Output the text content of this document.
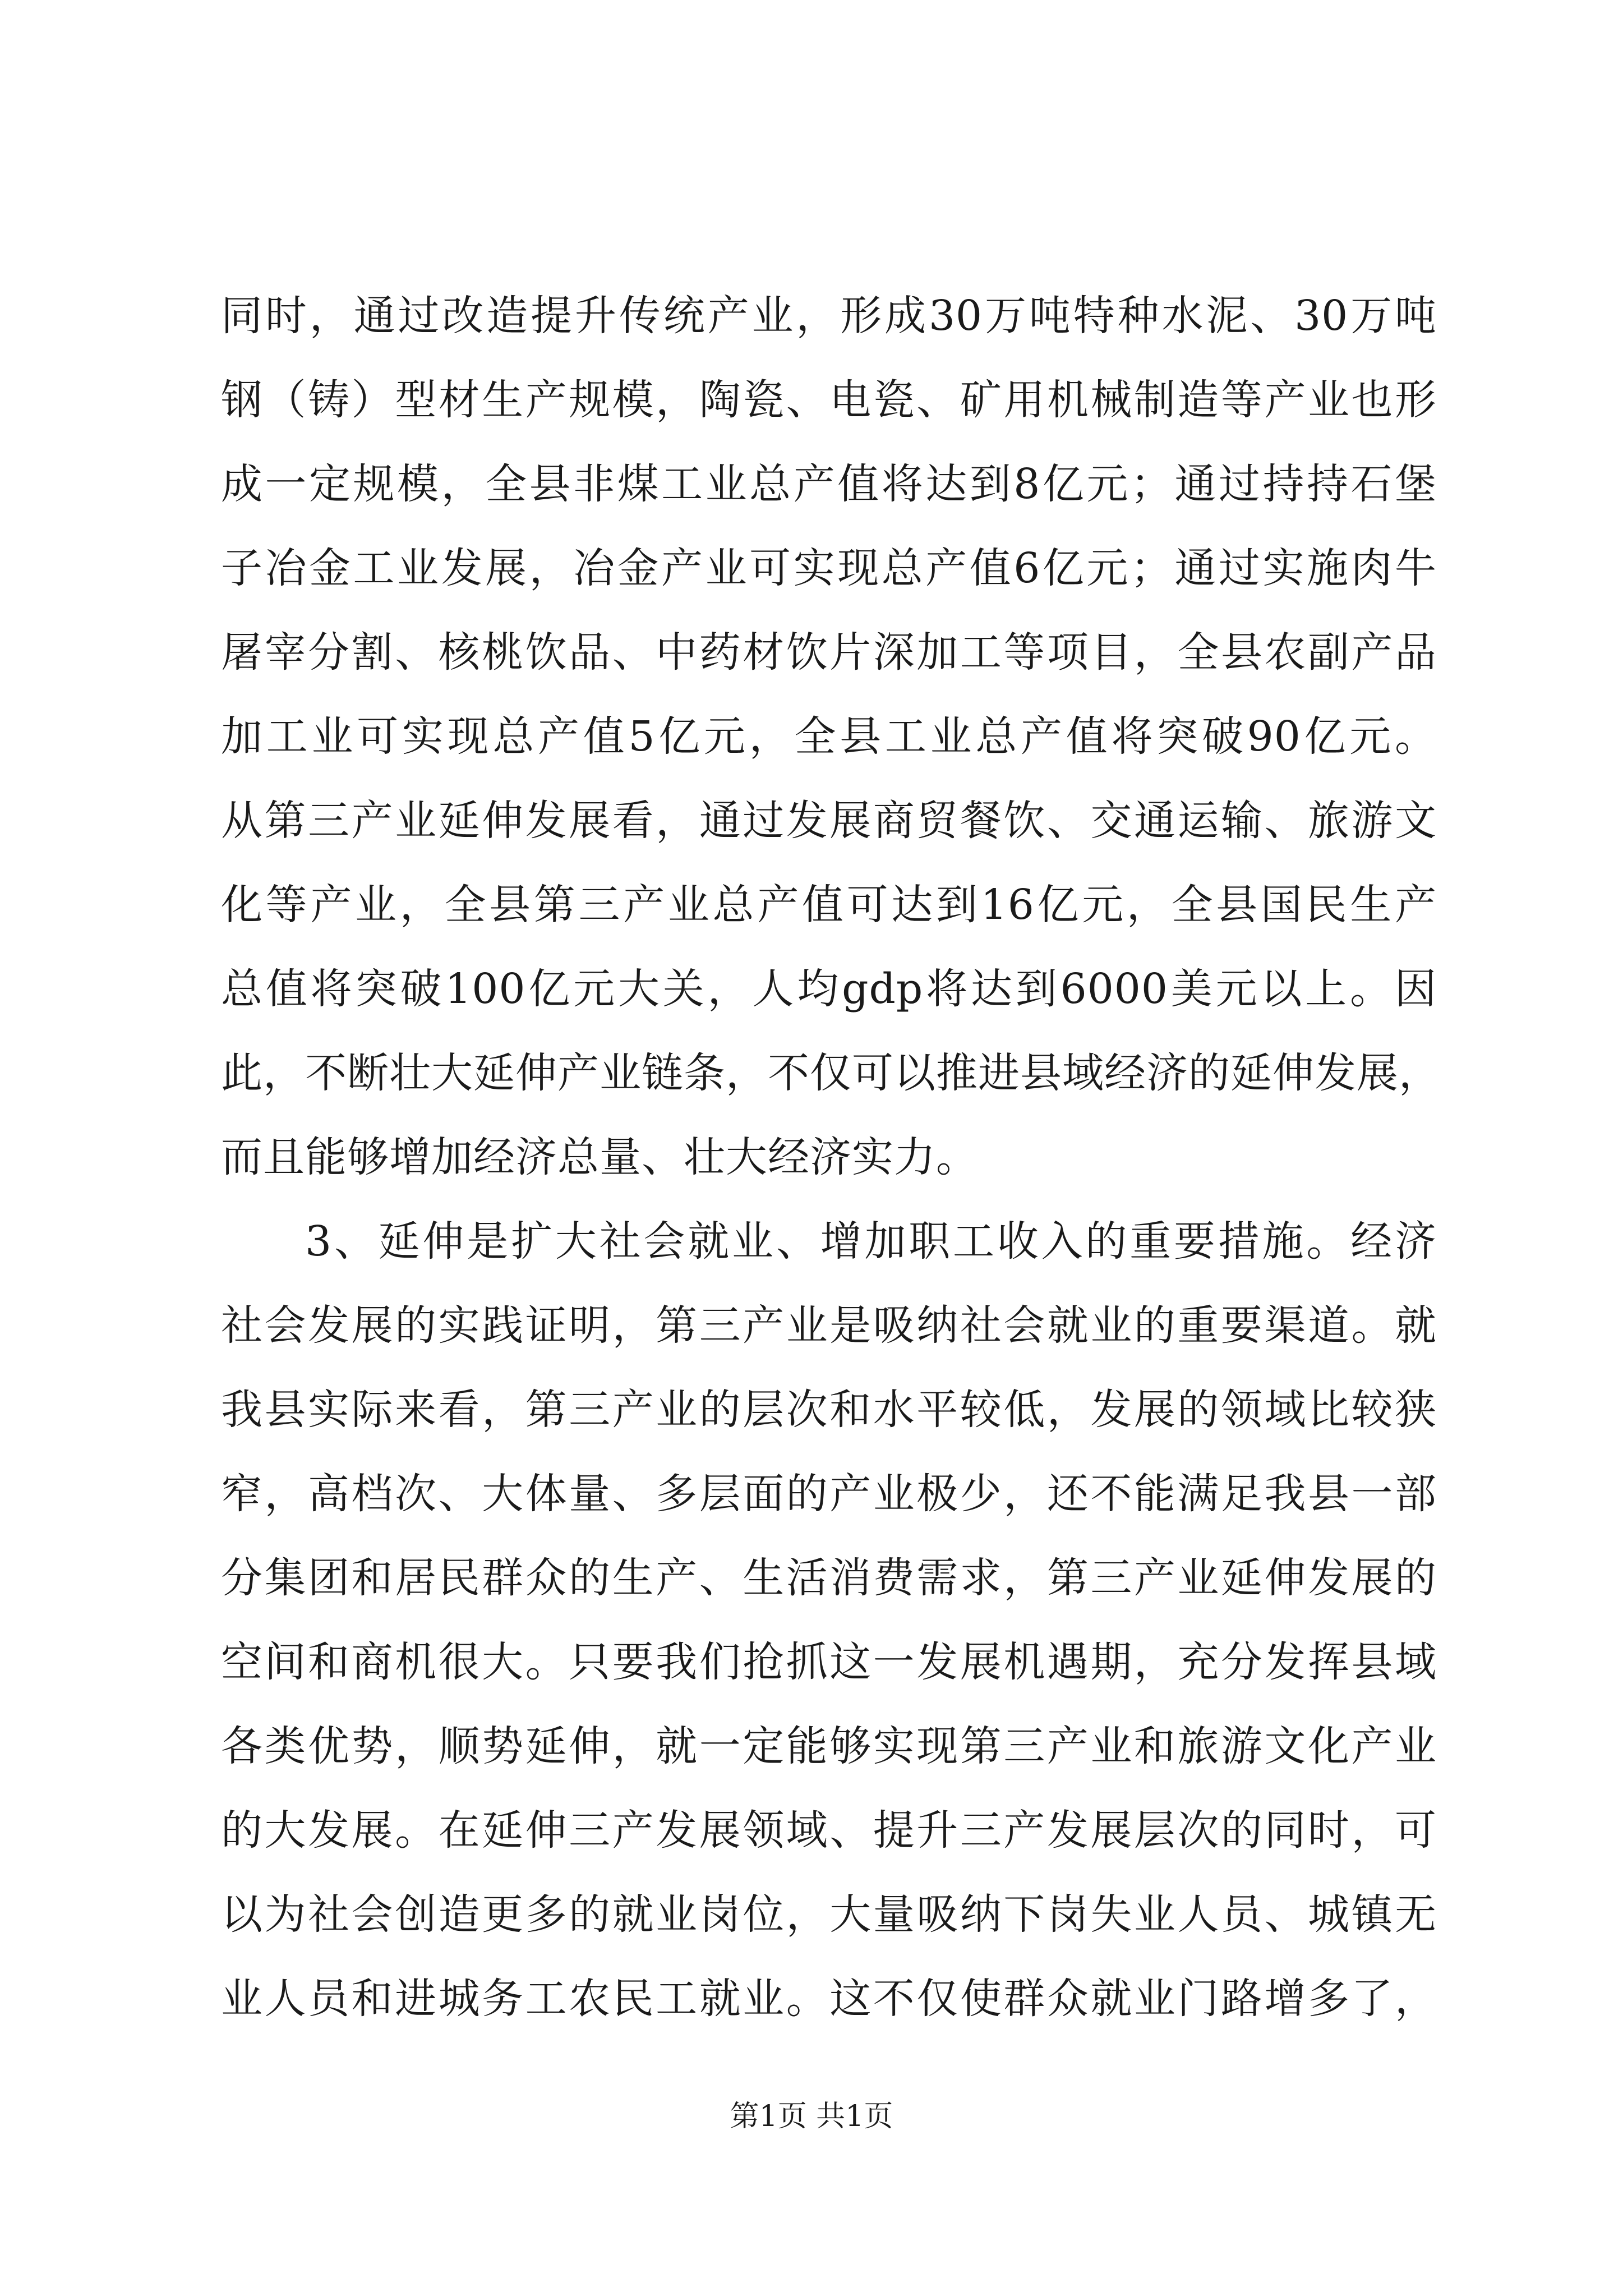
同时，通过改造提升传统产业，形成30万吨特种水泥、30万吨
钢（铸）型材生产规模，陶瓷、电瓷、矿用机械制造等产业也形
成一定规模，全县非煤工业总产值将达到8亿元；通过持持石堡
子冶金工业发展，冶金产业可实现总产值6亿元；通过实施肉牛
屠宰分割、核桃饮品、中药材饮片深加工等项目，全县农副产品
加工业可实现总产值5亿元，全县工业总产值将突破90亿元。
从第三产业延伸发展看，通过发展商贸餐饮、交通运输、旅游文
化等产业，全县第三产业总产值可达到16亿元，全县国民生产
总值将突破100亿元大关，人均gdp将达到6000美元以上。因
此，不断壮大延伸产业链条，不仅可以推进县域经济的延伸发展，
而且能够增加经济总量、壮大经济实力。
3、延伸是扩大社会就业、增加职工收入的重要措施。经济
社会发展的实践证明，第三产业是吸纳社会就业的重要渠道。就
我县实际来看，第三产业的层次和水平较低，发展的领域比较狭
窄，高档次、大体量、多层面的产业极少，还不能满足我县一部
分集团和居民群众的生产、生活消费需求，第三产业延伸发展的
空间和商机很大。只要我们抢抓这一发展机遇期，充分发挥县域
各类优势，顺势延伸，就一定能够实现第三产业和旅游文化产业
的大发展。在延伸三产发展领域、提升三产发展层次的同时，可
以为社会创造更多的就业岗位，大量吸纳下岗失业人员、城镇无
业人员和进城务工农民工就业。这不仅使群众就业门路增多了，
第1页 共1页
